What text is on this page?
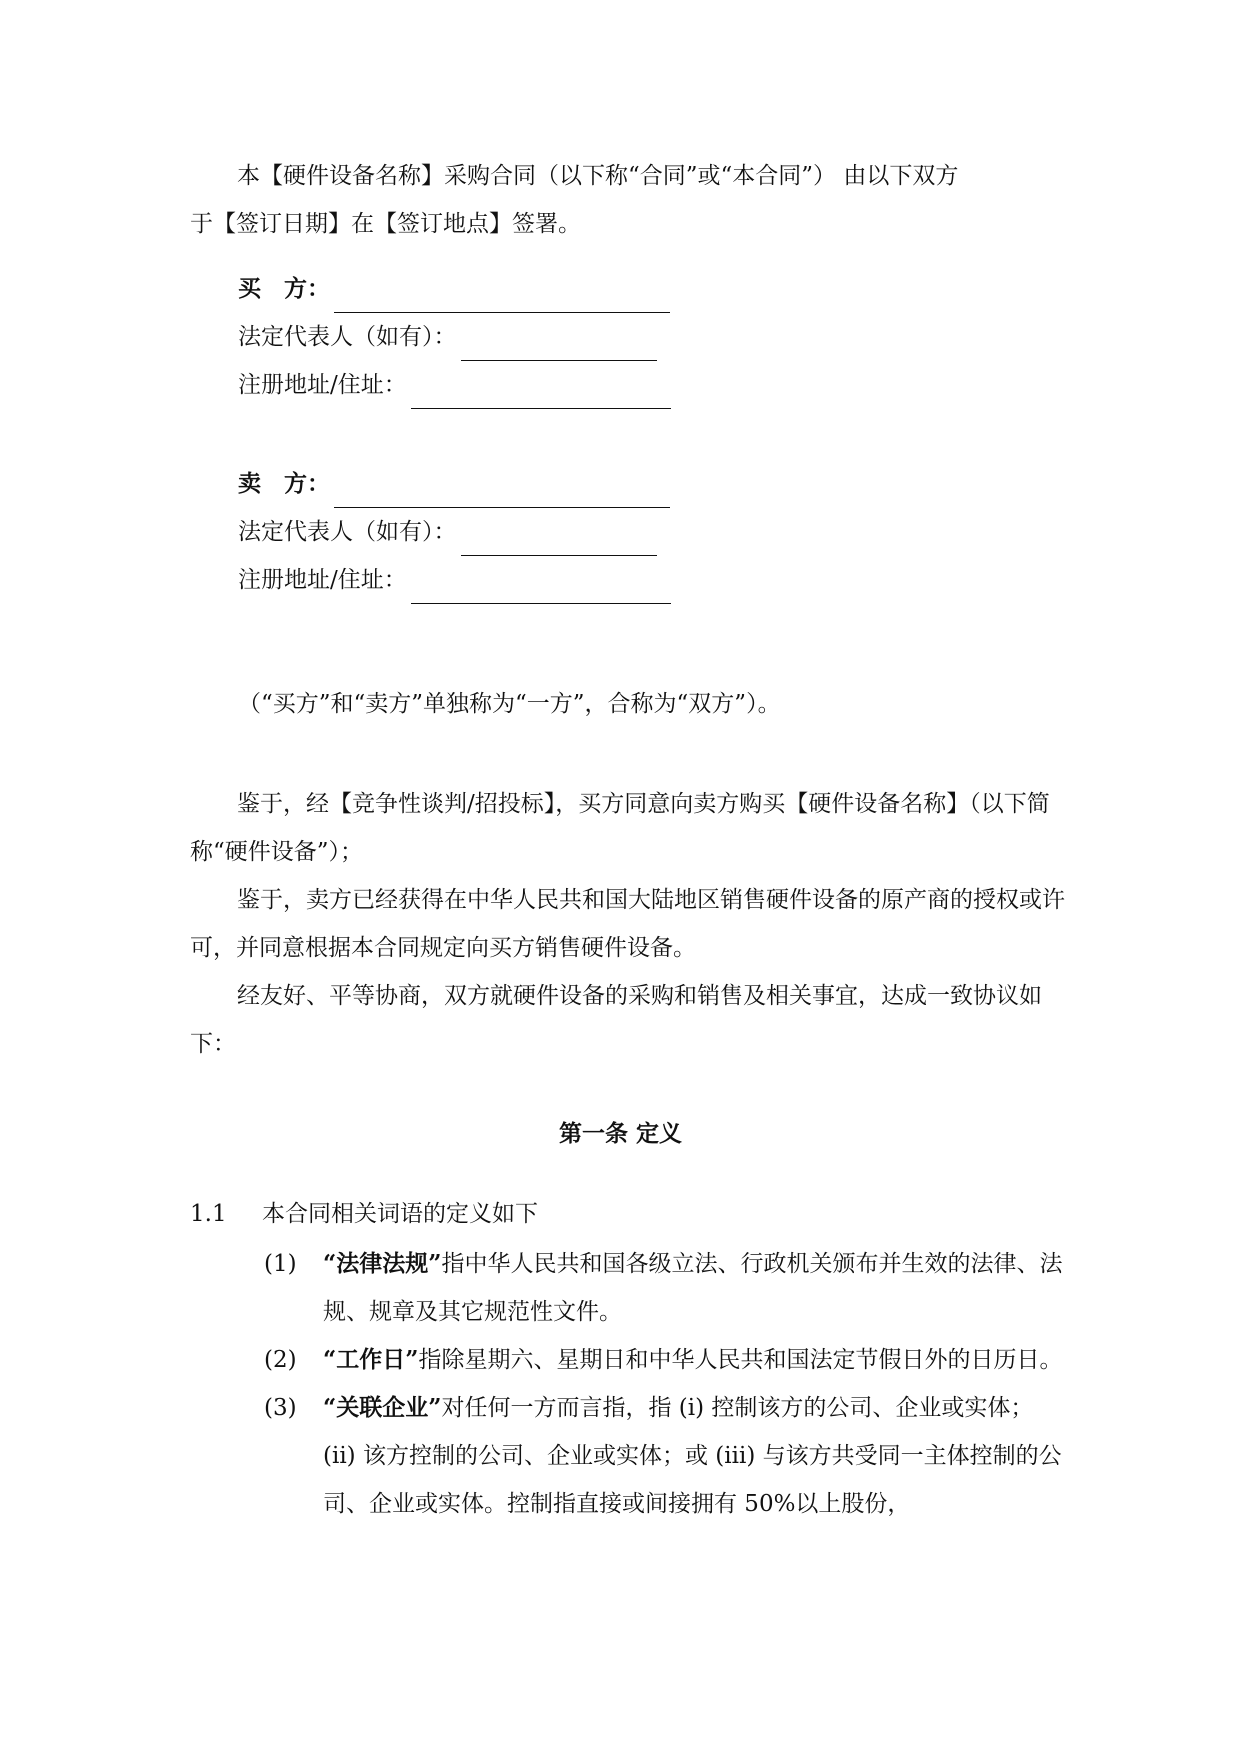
本【硬件设备名称】采购合同（以下称“合同”或“本合同”） 由以下双方

于【签订日期】在【签订地点】签署。

买　方：
法定代表人（如有）：
注册地址/住址：
卖　方：
法定代表人（如有）：
注册地址/住址：
（“买方”和“卖方”单独称为“一方”，合称为“双方”）。

鉴于，经【竞争性谈判/招投标】，买方同意向卖方购买【硬件设备名称】（以下简称“硬件设备”）；

鉴于，卖方已经获得在中华人民共和国大陆地区销售硬件设备的原产商的授权或许可，并同意根据本合同规定向买方销售硬件设备。

经友好、平等协商，双方就硬件设备的采购和销售及相关事宜，达成一致协议如下：

第一条 定义
1.1	本合同相关词语的定义如下
(1)	“法律法规”指中华人民共和国各级立法、行政机关颁布并生效的法律、法规、规章及其它规范性文件。

(2)	“工作日”指除星期六、星期日和中华人民共和国法定节假日外的日历日。

(3)	“关联企业”对任何一方而言指，指 (i) 控制该方的公司、企业或实体；(ii) 该方控制的公司、企业或实体；或 (iii) 与该方共受同一主体控制的公司、企业或实体。控制指直接或间接拥有 50%以上股份，
